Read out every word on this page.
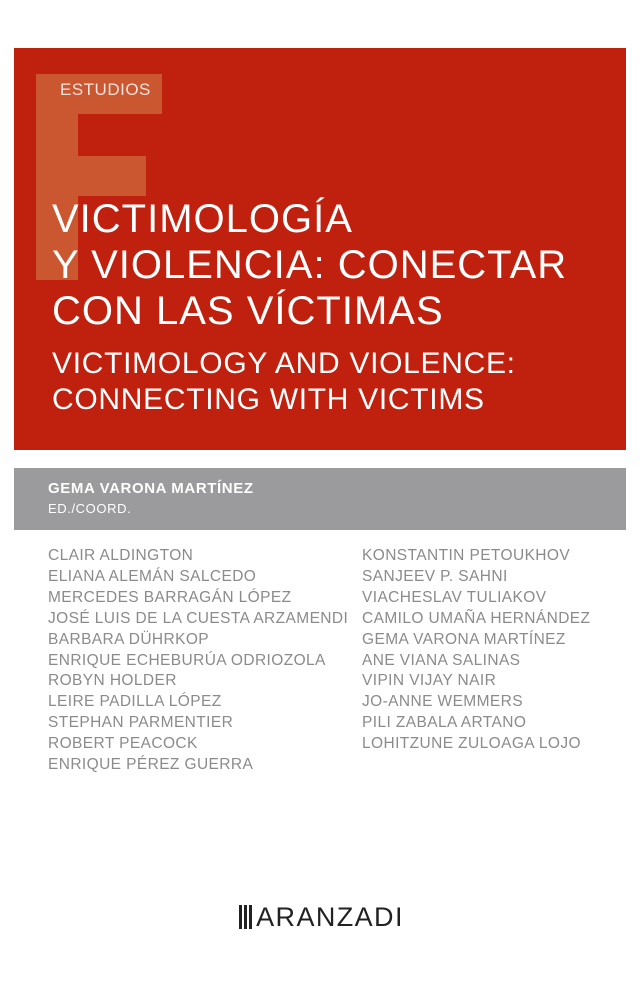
ESTUDIOS
VICTIMOLOGÍA
Y VIOLENCIA: CONECTAR
CON LAS VÍCTIMAS
VICTIMOLOGY AND VIOLENCE:
CONNECTING WITH VICTIMS
GEMA VARONA MARTÍNEZ
ED./COORD.
CLAIR ALDINGTON
ELIANA ALEMÁN SALCEDO
MERCEDES BARRAGÁN LÓPEZ
JOSÉ LUIS DE LA CUESTA ARZAMENDI
BARBARA DÜHRKOP
ENRIQUE ECHEBURÚA ODRIOZOLA
ROBYN HOLDER
LEIRE PADILLA LÓPEZ
STEPHAN PARMENTIER
ROBERT PEACOCK
ENRIQUE PÉREZ GUERRA
KONSTANTIN PETOUKHOV
SANJEEV P. SAHNI
VIACHESLAV TULIAKOV
CAMILO UMAÑA HERNÁNDEZ
GEMA VARONA MARTÍNEZ
ANE VIANA SALINAS
VIPIN VIJAY NAIR
JO-ANNE WEMMERS
PILI ZABALA ARTANO
LOHITZUNE ZULOAGA LOJO
ARANZADI
